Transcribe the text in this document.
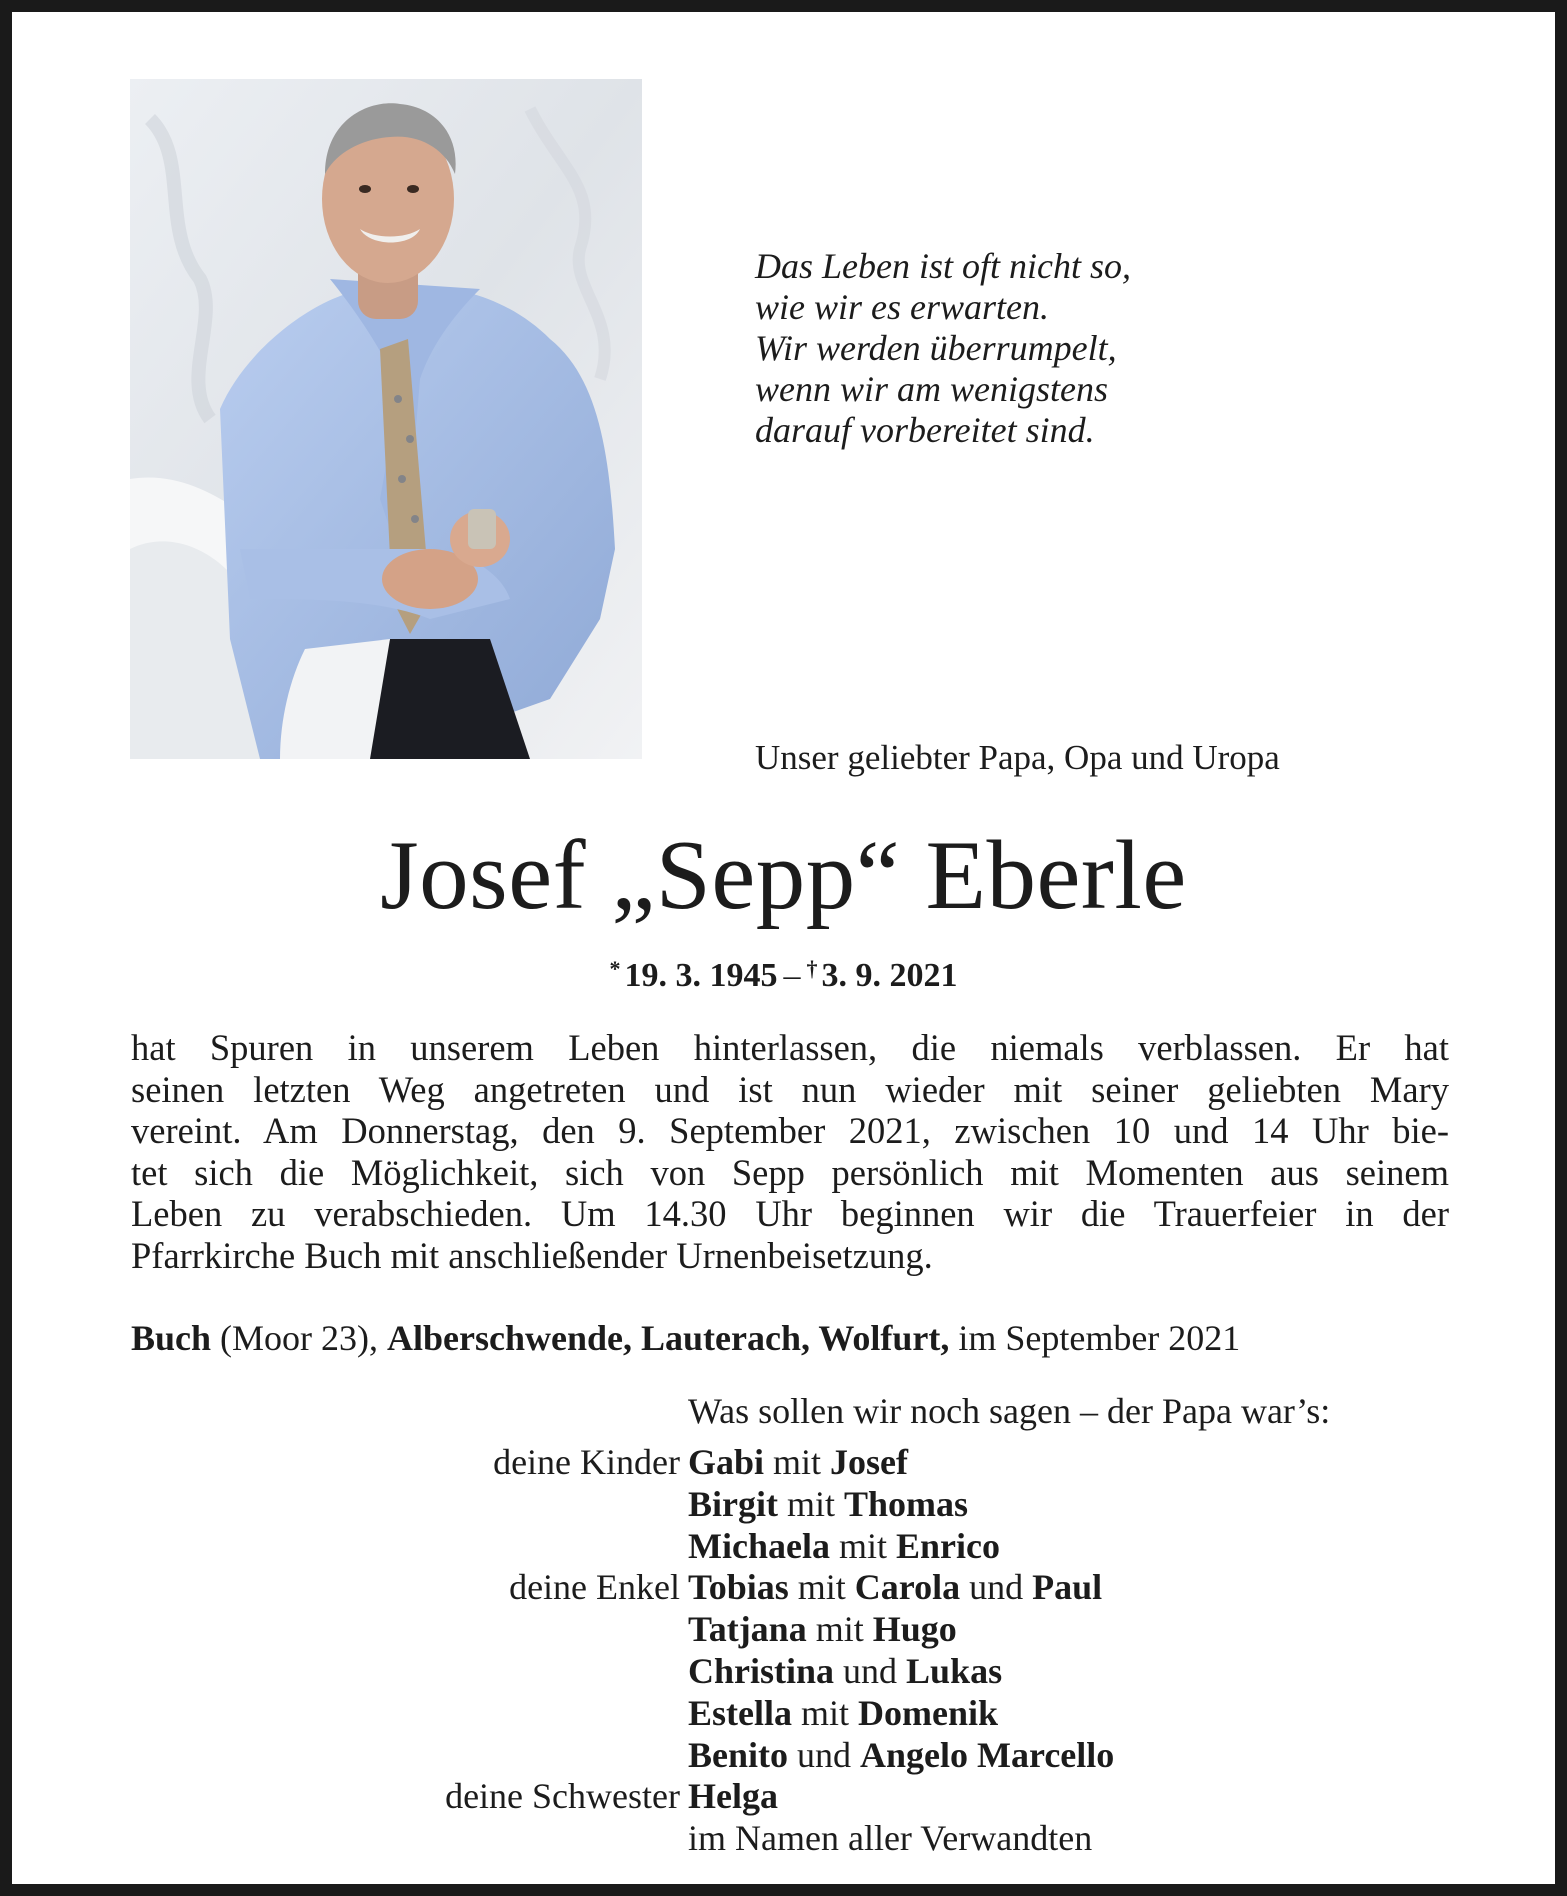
Das Leben ist oft nicht so,
wie wir es erwarten.
Wir werden überrumpelt,
wenn wir am wenigstens
darauf vorbereitet sind.
Unser geliebter Papa, Opa und Uropa
Josef „Sepp“ Eberle
* 19. 3. 1945 – † 3. 9. 2021
hat Spuren in unserem Leben hinterlassen, die niemals verblassen. Er hat
seinen letzten Weg angetreten und ist nun wieder mit seiner geliebten Mary
vereint. Am Donnerstag, den 9. September 2021, zwischen 10 und 14 Uhr bie-
tet sich die Möglichkeit, sich von Sepp persönlich mit Momenten aus seinem
Leben zu verabschieden. Um 14.30 Uhr beginnen wir die Trauerfeier in der
Pfarrkirche Buch mit anschließender Urnenbeisetzung.
Buch (Moor 23), Alberschwende, Lauterach, Wolfurt, im September 2021
Was sollen wir noch sagen – der Papa war’s:
deine Kinder Gabi mit Josef
Birgit mit Thomas
Michaela mit Enrico
deine Enkel Tobias mit Carola und Paul
Tatjana mit Hugo
Christina und Lukas
Estella mit Domenik
Benito und Angelo Marcello
deine Schwester Helga
im Namen aller Verwandten
